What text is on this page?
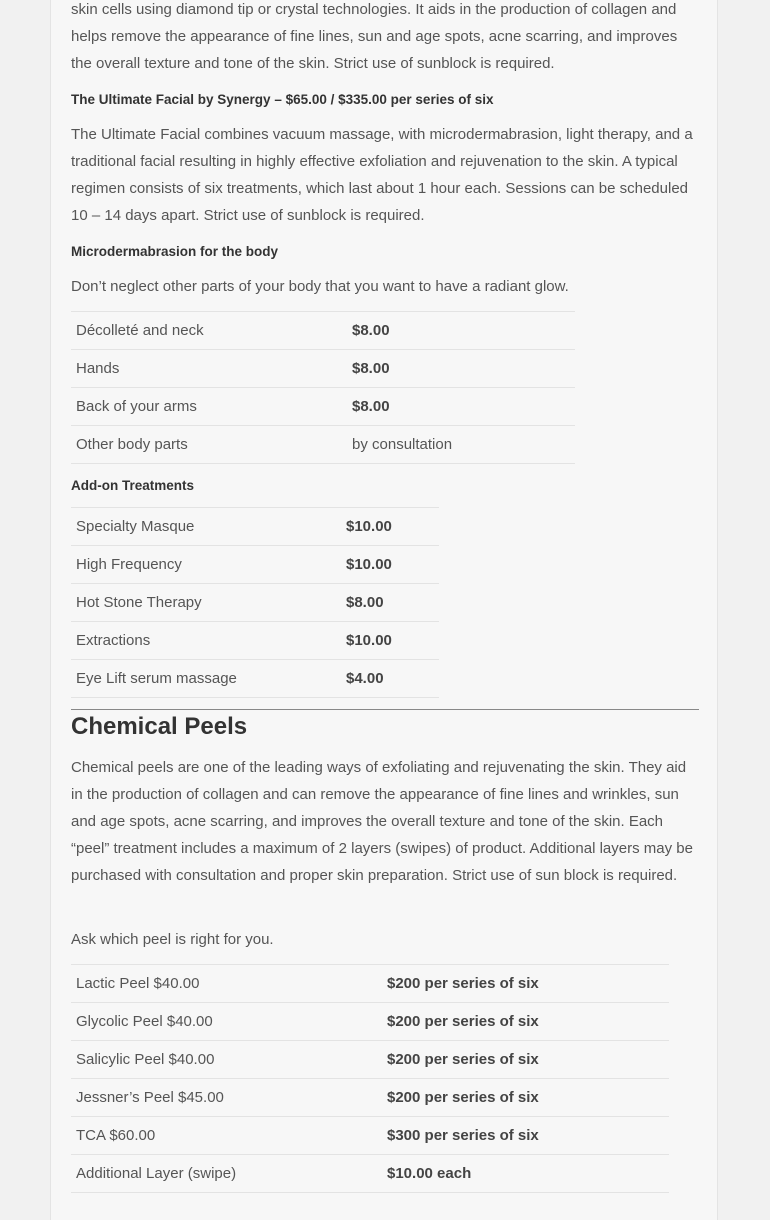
skin cells using diamond tip or crystal technologies. It aids in the production of collagen and helps remove the appearance of fine lines, sun and age spots, acne scarring, and improves the overall texture and tone of the skin. Strict use of sunblock is required.

The Ultimate Facial by Synergy – $65.00 / $335.00 per series of six

The Ultimate Facial combines vacuum massage, with microdermabrasion, light therapy, and a traditional facial resulting in highly effective exfoliation and rejuvenation to the skin. A typical regimen consists of six treatments, which last about 1 hour each. Sessions can be scheduled 10 – 14 days apart. Strict use of sunblock is required.

Microdermabrasion for the body

Don’t neglect other parts of your body that you want to have a radiant glow.

Décolleté and neck	$8.00
Hands	$8.00
Back of your arms	$8.00
Other body parts	by consultation
Add-on Treatments
Specialty Masque	$10.00
High Frequency	$10.00
Hot Stone Therapy	$8.00
Extractions	$10.00
Eye Lift serum massage	$4.00
Chemical Peels

Chemical peels are one of the leading ways of exfoliating and rejuvenating the skin. They aid in the production of collagen and can remove the appearance of fine lines and wrinkles, sun and age spots, acne scarring, and improves the overall texture and tone of the skin. Each “peel” treatment includes a maximum of 2 layers (swipes) of product. Additional layers may be purchased with consultation and proper skin preparation. Strict use of sun block is required.

Ask which peel is right for you.

Lactic Peel $40.00	$200 per series of six
Glycolic Peel $40.00	$200 per series of six
Salicylic Peel $40.00	$200 per series of six
Jessner’s Peel $45.00	$200 per series of six
TCA $60.00	$300 per series of six
Additional Layer (swipe)	$10.00 each
